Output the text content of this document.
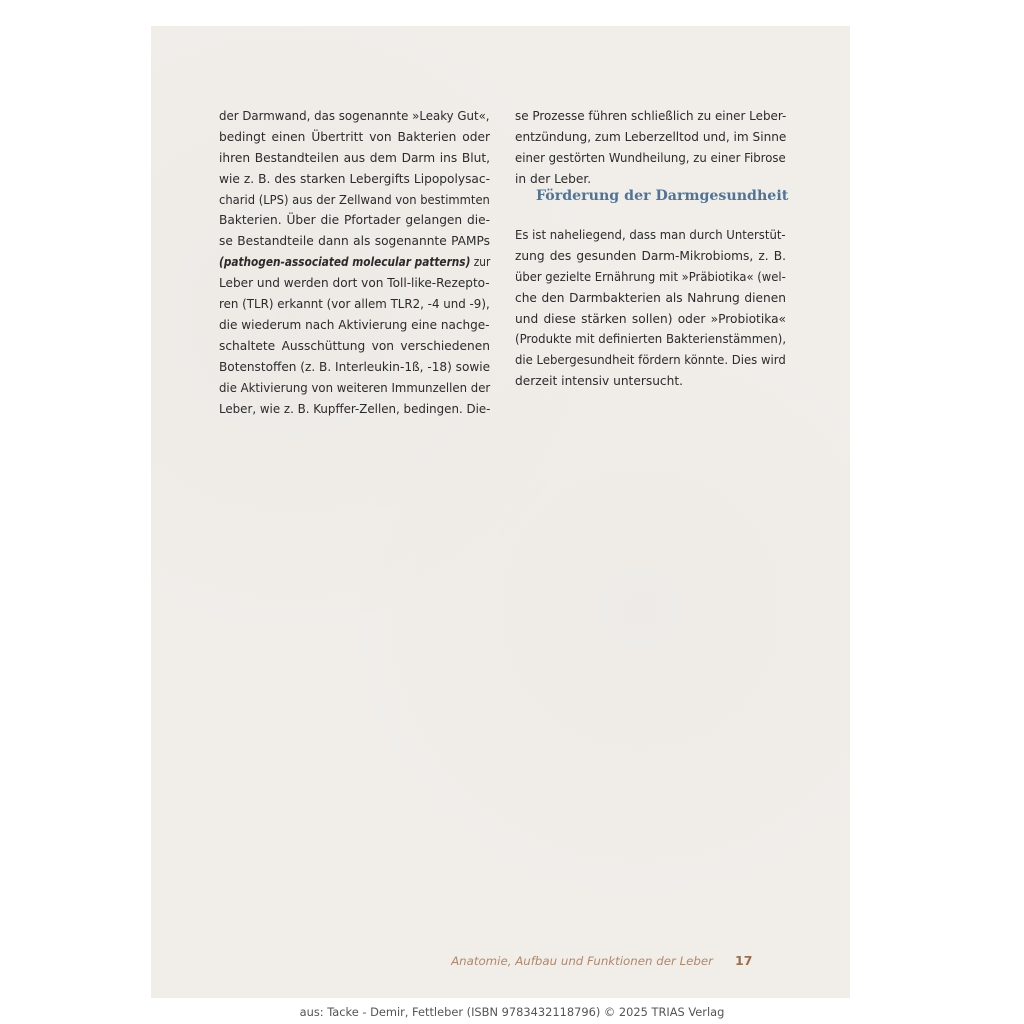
der Darmwand, das sogenannte »Leaky Gut«,
bedingt einen Übertritt von Bakterien oder
ihren Bestandteilen aus dem Darm ins Blut,
wie z. B. des starken Lebergifts Lipopolysac-
charid (LPS) aus der Zellwand von bestimmten
Bakterien. Über die Pfortader gelangen die-
se Bestandteile dann als sogenannte PAMPs
(pathogen-associated molecular patterns) zur Leber und werden dort von Toll-like-Rezepto- ren (TLR) erkannt (vor allem TLR2, -4 und -9), die wiederum nach Aktivierung eine nachge-
schaltete Ausschüttung von verschiedenen
Botenstoffen (z. B. Interleukin-1ß, -18) sowie die Aktivierung von weiteren Immunzellen der Leber, wie z. B. Kupffer-Zellen, bedingen. Die-
se Prozesse führen schließlich zu einer Leber- entzündung, zum Leberzelltod und, im Sinne einer gestörten Wundheilung, zu einer Fibrose
in der Leber.
Förderung der Darmgesundheit
Es ist naheliegend, dass man durch Unterstüt-
zung des gesunden Darm-Mikrobioms, z. B.
über gezielte Ernährung mit »Präbiotika« (wel-
che den Darmbakterien als Nahrung dienen
und diese stärken sollen) oder »Probiotika«
(Produkte mit definierten Bakterienstämmen), die Lebergesundheit fördern könnte. Dies wird
derzeit intensiv untersucht.
Anatomie, Aufbau und Funktionen der Leber 17
aus: Tacke - Demir, Fettleber (ISBN 9783432118796) © 2025 TRIAS Verlag
